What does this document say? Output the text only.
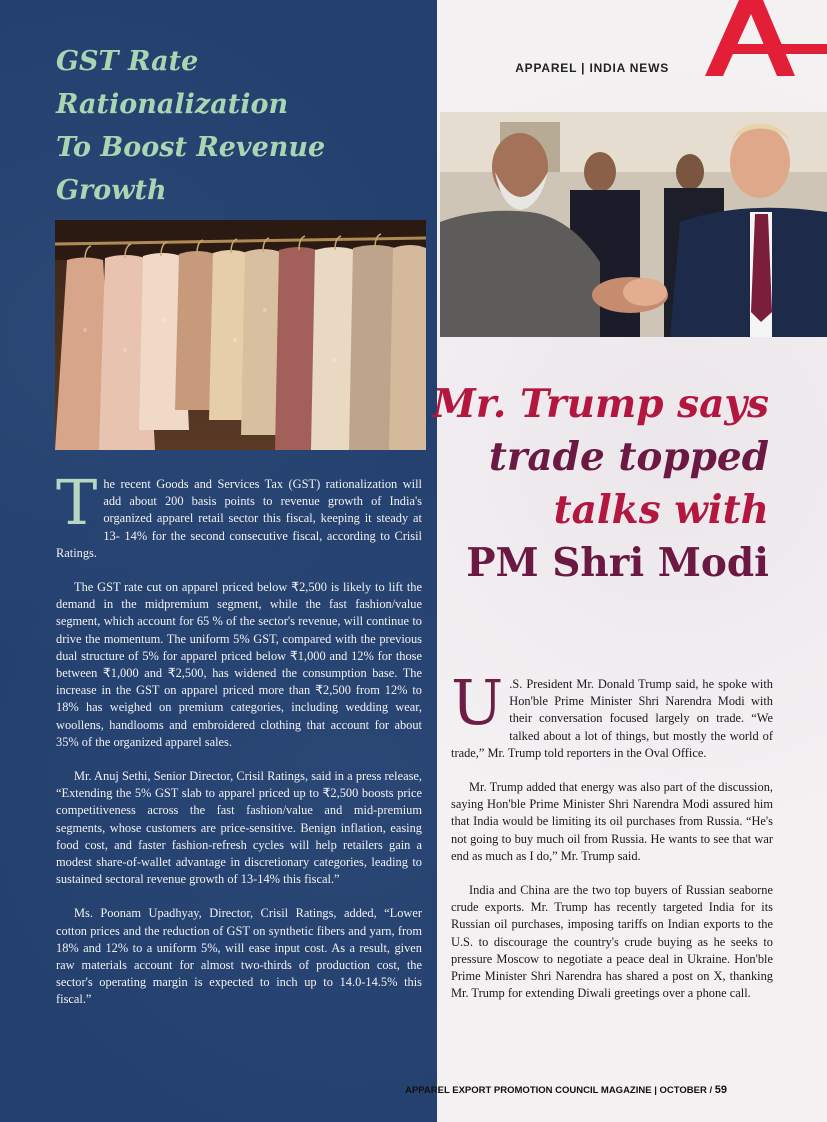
GST Rate Rationalization
To Boost Revenue Growth

The recent Goods and Services Tax (GST) rationalization will add about 200 basis points to revenue growth of India's organized apparel retail sector this fiscal, keeping it steady at 13- 14% for the second consecutive fiscal, according to Crisil Ratings.

The GST rate cut on apparel priced below ₹2,500 is likely to lift the demand in the midpremium segment, while the fast fashion/value segment, which account for 65 % of the sector's revenue, will continue to drive the momentum. The uniform 5% GST, compared with the previous dual structure of 5% for apparel priced below ₹1,000 and 12% for those between ₹1,000 and ₹2,500, has widened the consumption base. The increase in the GST on apparel priced more than ₹2,500 from 12% to 18% has weighed on premium categories, including wedding wear, woollens, handlooms and embroidered clothing that account for about 35% of the organized apparel sales.

Mr. Anuj Sethi, Senior Director, Crisil Ratings, said in a press release, “Extending the 5% GST slab to apparel priced up to ₹2,500 boosts price competitiveness across the fast fashion/value and mid-premium segments, whose customers are price-sensitive. Benign inflation, easing food cost, and faster fashion-refresh cycles will help retailers gain a modest share-of-wallet advantage in discretionary categories, leading to sustained sectoral revenue growth of 13-14% this fiscal.”

Ms. Poonam Upadhyay, Director, Crisil Ratings, added, “Lower cotton prices and the reduction of GST on synthetic fibers and yarn, from 18% and 12% to a uniform 5%, will ease input cost. As a result, given raw materials account for almost two-thirds of production cost, the sector's operating margin is expected to inch up to 14.0-14.5% this fiscal.”

APPAREL | INDIA NEWS
Mr. Trump says
trade topped
talks with
PM Shri Modi

U .S. President Mr. Donald Trump said, he spoke with Hon'ble Prime Minister Shri Narendra Modi with their conversation focused largely on trade. “We talked about a lot of things, but mostly the world of trade,” Mr. Trump told reporters in the Oval Office.

Mr. Trump added that energy was also part of the discussion, saying Hon'ble Prime Minister Shri Narendra Modi assured him that India would be limiting its oil purchases from Russia. “He's not going to buy much oil from Russia. He wants to see that war end as much as I do,” Mr. Trump said.

India and China are the two top buyers of Russian seaborne crude exports. Mr. Trump has recently targeted India for its Russian oil purchases, imposing tariffs on Indian exports to the U.S. to discourage the country's crude buying as he seeks to pressure Moscow to negotiate a peace deal in Ukraine. Hon'ble Prime Minister Shri Narendra has shared a post on X, thanking Mr. Trump for extending Diwali greetings over a phone call.

APPAREL EXPORT PROMOTION COUNCIL MAGAZINE | OCTOBER / 59
